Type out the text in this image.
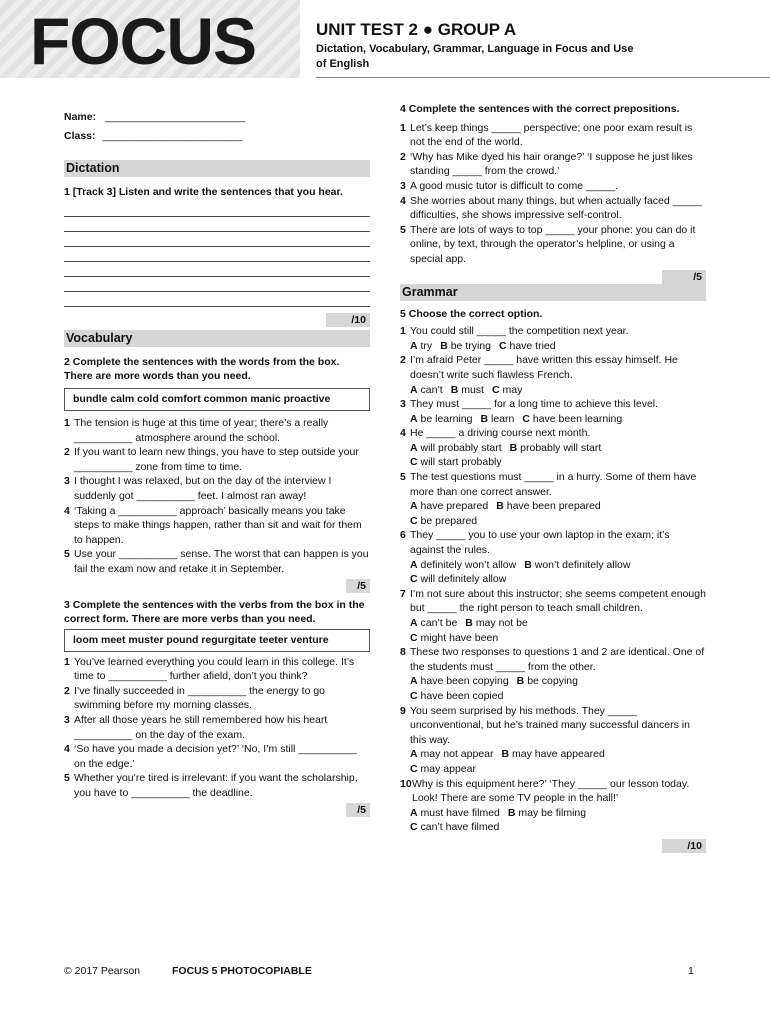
FOCUS	UNIT TEST 2 ● GROUP A
Dictation, Vocabulary, Grammar, Language in Focus and Use of English
Name: ________________________
Class: ________________________
Dictation
1 [Track 3] Listen and write the sentences that you hear.
/10
Vocabulary
2 Complete the sentences with the words from the box. There are more words than you need.
bundle calm cold comfort common manic proactive
1 The tension is huge at this time of year; there’s a really __________ atmosphere around the school.
2 If you want to learn new things, you have to step outside your __________ zone from time to time.
3 I thought I was relaxed, but on the day of the interview I suddenly got __________ feet. I almost ran away!
4 ‘Taking a __________ approach’ basically means you take steps to make things happen, rather than sit and wait for them to happen.
5 Use your __________ sense. The worst that can happen is you fail the exam now and retake it in September.
/5
3 Complete the sentences with the verbs from the box in the correct form. There are more verbs than you need.
loom meet muster pound regurgitate teeter venture
1 You’ve learned everything you could learn in this college. It’s time to __________ further afield, don’t you think?
2 I’ve finally succeeded in __________ the energy to go swimming before my morning classes.
3 After all those years he still remembered how his heart __________ on the day of the exam.
4 ‘So have you made a decision yet?’ ‘No, I’m still __________ on the edge.’
5 Whether you’re tired is irrelevant: if you want the scholarship, you have to __________ the deadline.
/5
4 Complete the sentences with the correct prepositions.
1 Let’s keep things _____ perspective; one poor exam result is not the end of the world.
2 ‘Why has Mike dyed his hair orange?’ ‘I suppose he just likes standing _____ from the crowd.’
3 A good music tutor is difficult to come _____.
4 She worries about many things, but when actually faced _____ difficulties, she shows impressive self-control.
5 There are lots of ways to top _____ your phone: you can do it online, by text, through the operator’s helpline, or using a special app.
/5
Grammar
5 Choose the correct option.
1 You could still _____ the competition next year.
A try B be trying C have tried
2 I’m afraid Peter _____ have written this essay himself. He doesn’t write such flawless French.
A can’t B must C may
3 They must _____ for a long time to achieve this level.
A be learning B learn C have been learning
4 He _____ a driving course next month.
A will probably start B probably will start
C will start probably
5 The test questions must _____ in a hurry. Some of them have more than one correct answer.
A have prepared B have been prepared
C be prepared
6 They _____ you to use your own laptop in the exam; it’s against the rules.
A definitely won’t allow B won’t definitely allow
C will definitely allow
7 I’m not sure about this instructor; she seems competent enough but _____ the right person to teach small children.
A can’t be B may not be
C might have been
8 These two responses to questions 1 and 2 are identical. One of the students must _____ from the other.
A have been copying B be copying
C have been copied
9 You seem surprised by his methods. They _____ unconventional, but he’s trained many successful dancers in this way.
A may not appear B may have appeared
C may appear
10 Why is this equipment here?’ ‘They _____ our lesson today. Look! There are some TV people in the hall!’
A must have filmed B may be filming
C can’t have filmed
/10
© 2017 Pearson	FOCUS 5 PHOTOCOPIABLE	1
